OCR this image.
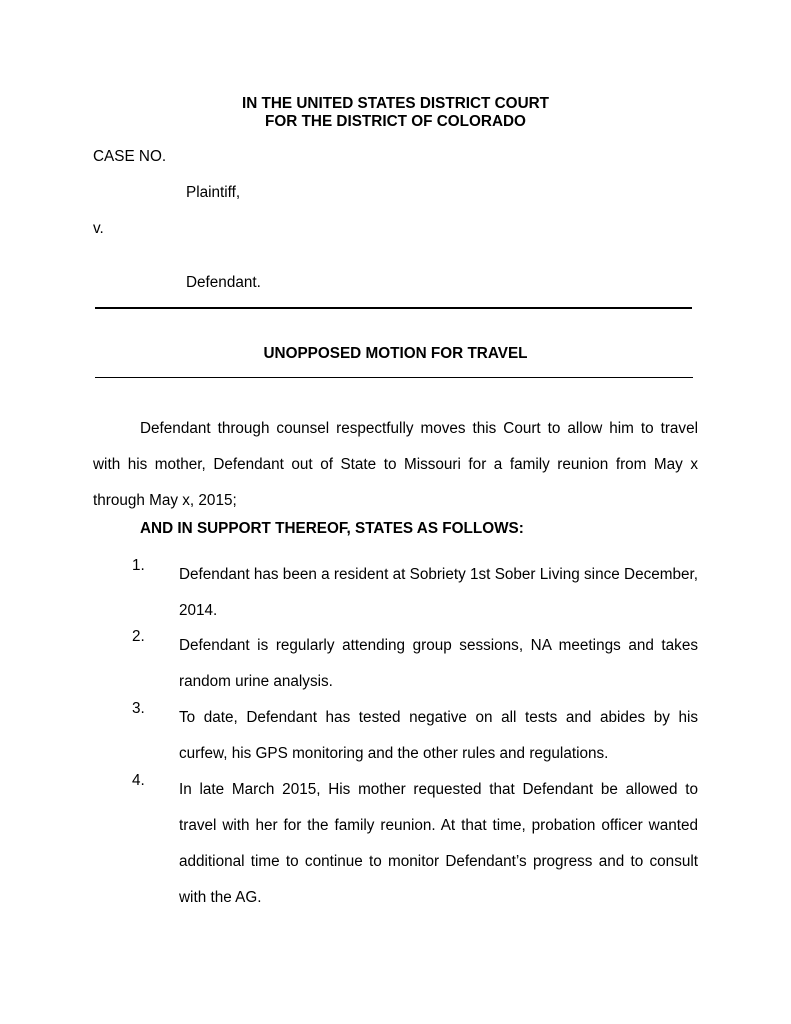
IN THE UNITED STATES DISTRICT COURT
FOR THE DISTRICT OF COLORADO
CASE NO.
Plaintiff,
v.
Defendant.
UNOPPOSED MOTION FOR TRAVEL
Defendant through counsel respectfully moves this Court to allow him to travel with his mother, Defendant out of State to Missouri for a family reunion from May x through May x, 2015;
AND IN SUPPORT THEREOF, STATES AS FOLLOWS:
1.
Defendant has been a resident at Sobriety 1st Sober Living since December, 2014.
2.
Defendant is regularly attending group sessions, NA meetings and takes random urine analysis.
3.
To date, Defendant has tested negative on all tests and abides by his curfew, his GPS monitoring and the other rules and regulations.
4.
In late March 2015, His mother requested that Defendant be allowed to travel with her for the family reunion. At that time, probation officer wanted additional time to continue to monitor Defendant’s progress and to consult with the AG.
